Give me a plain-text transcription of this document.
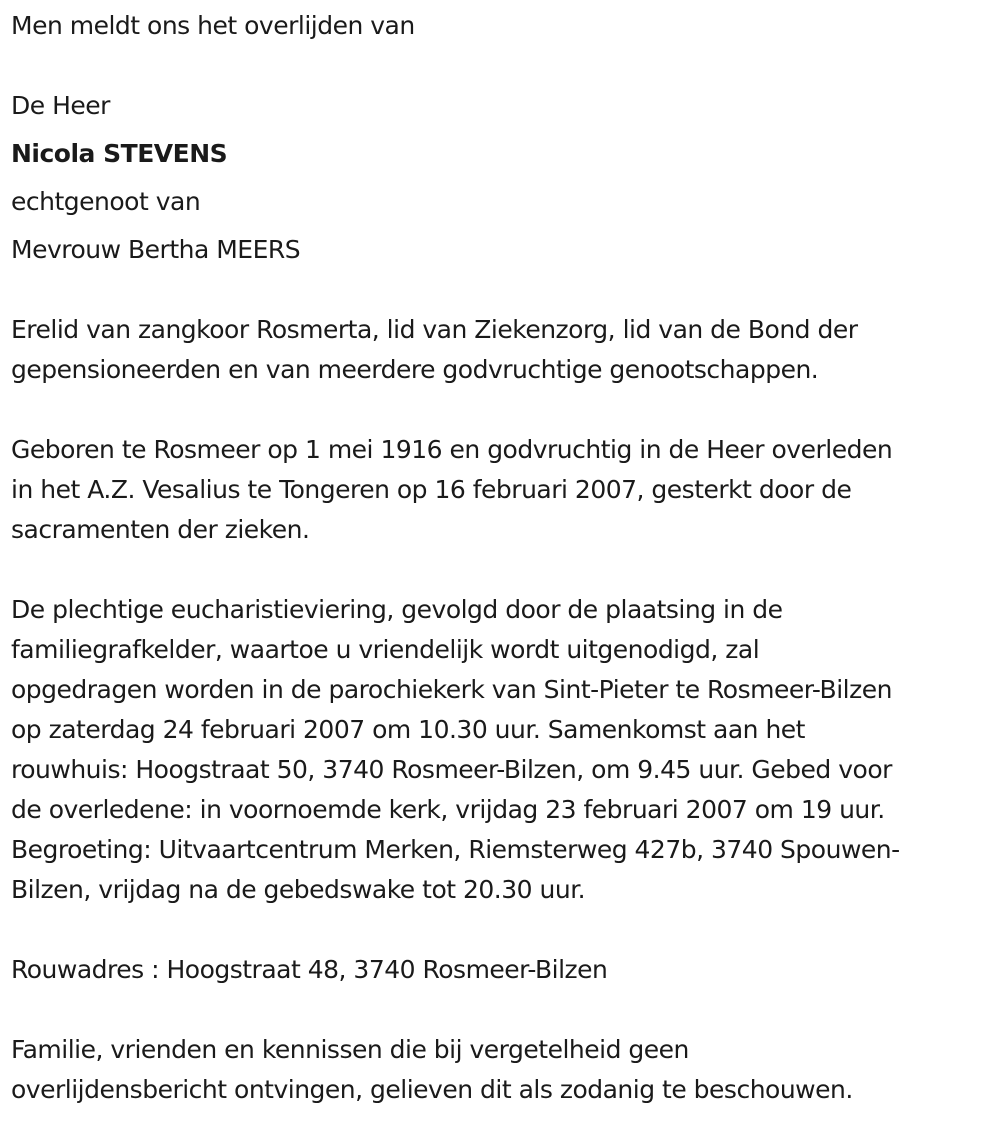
Men meldt ons het overlijden van

De Heer

Nicola STEVENS

echtgenoot van

Mevrouw Bertha MEERS

Erelid van zangkoor Rosmerta, lid van Ziekenzorg, lid van de Bond der

gepensioneerden en van meerdere godvruchtige genootschappen.

Geboren te Rosmeer op 1 mei 1916 en godvruchtig in de Heer overleden

in het A.Z. Vesalius te Tongeren op 16 februari 2007, gesterkt door de

sacramenten der zieken.

De plechtige eucharistieviering, gevolgd door de plaatsing in de

familiegrafkelder, waartoe u vriendelijk wordt uitgenodigd, zal

opgedragen worden in de parochiekerk van Sint-Pieter te Rosmeer-Bilzen

op zaterdag 24 februari 2007 om 10.30 uur. Samenkomst aan het

rouwhuis: Hoogstraat 50, 3740 Rosmeer-Bilzen, om 9.45 uur. Gebed voor

de overledene: in voornoemde kerk, vrijdag 23 februari 2007 om 19 uur.

Begroeting: Uitvaartcentrum Merken, Riemsterweg 427b, 3740 Spouwen-

Bilzen, vrijdag na de gebedswake tot 20.30 uur.

Rouwadres : Hoogstraat 48, 3740 Rosmeer-Bilzen

Familie, vrienden en kennissen die bij vergetelheid geen

overlijdensbericht ontvingen, gelieven dit als zodanig te beschouwen.
